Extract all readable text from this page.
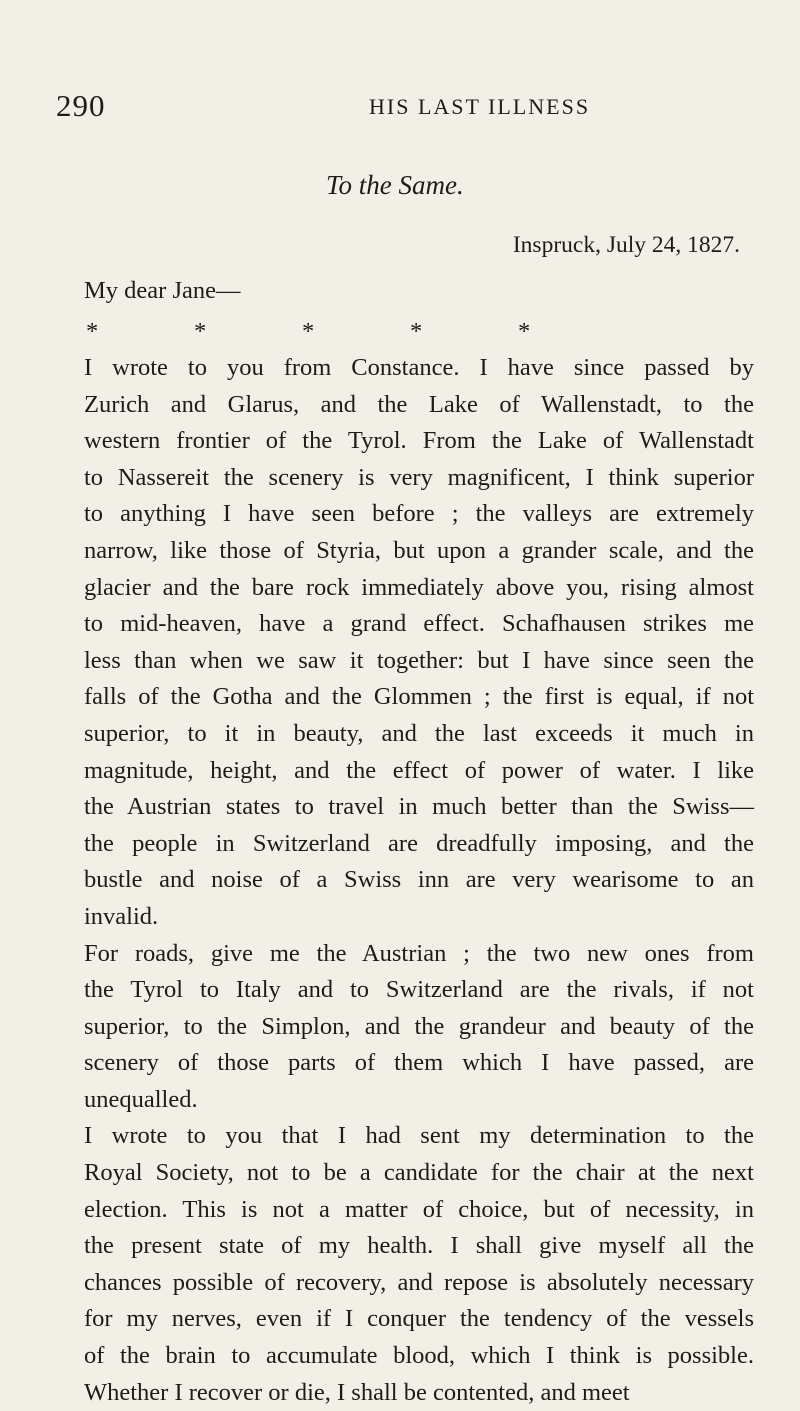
290	HIS LAST ILLNESS
To the Same.
Inspruck, July 24, 1827.
My dear Jane—
*	*	*	*	*

I wrote to you from Constance. I have since passed by
Zurich and Glarus, and the Lake of Wallenstadt, to the
western frontier of the Tyrol. From the Lake of Wallenstadt
to Nassereit the scenery is very magnificent, I think superior
to anything I have seen before ; the valleys are extremely
narrow, like those of Styria, but upon a grander scale, and the
glacier and the bare rock immediately above you, rising almost
to mid-heaven, have a grand effect. Schafhausen strikes me
less than when we saw it together: but I have since seen the
falls of the Gotha and the Glommen ; the first is equal, if not
superior, to it in beauty, and the last exceeds it much in
magnitude, height, and the effect of power of water. I like
the Austrian states to travel in much better than the Swiss—
the people in Switzerland are dreadfully imposing, and the
bustle and noise of a Swiss inn are very wearisome to an
invalid.

For roads, give me the Austrian ; the two new ones from
the Tyrol to Italy and to Switzerland are the rivals, if not
superior, to the Simplon, and the grandeur and beauty of the
scenery of those parts of them which I have passed, are
unequalled.

I wrote to you that I had sent my determination to the
Royal Society, not to be a candidate for the chair at the next
election. This is not a matter of choice, but of necessity, in
the present state of my health. I shall give myself all the
chances possible of recovery, and repose is absolutely necessary
for my nerves, even if I conquer the tendency of the vessels
of the brain to accumulate blood, which I think is possible.
Whether I recover or die, I shall be contented, and meet
